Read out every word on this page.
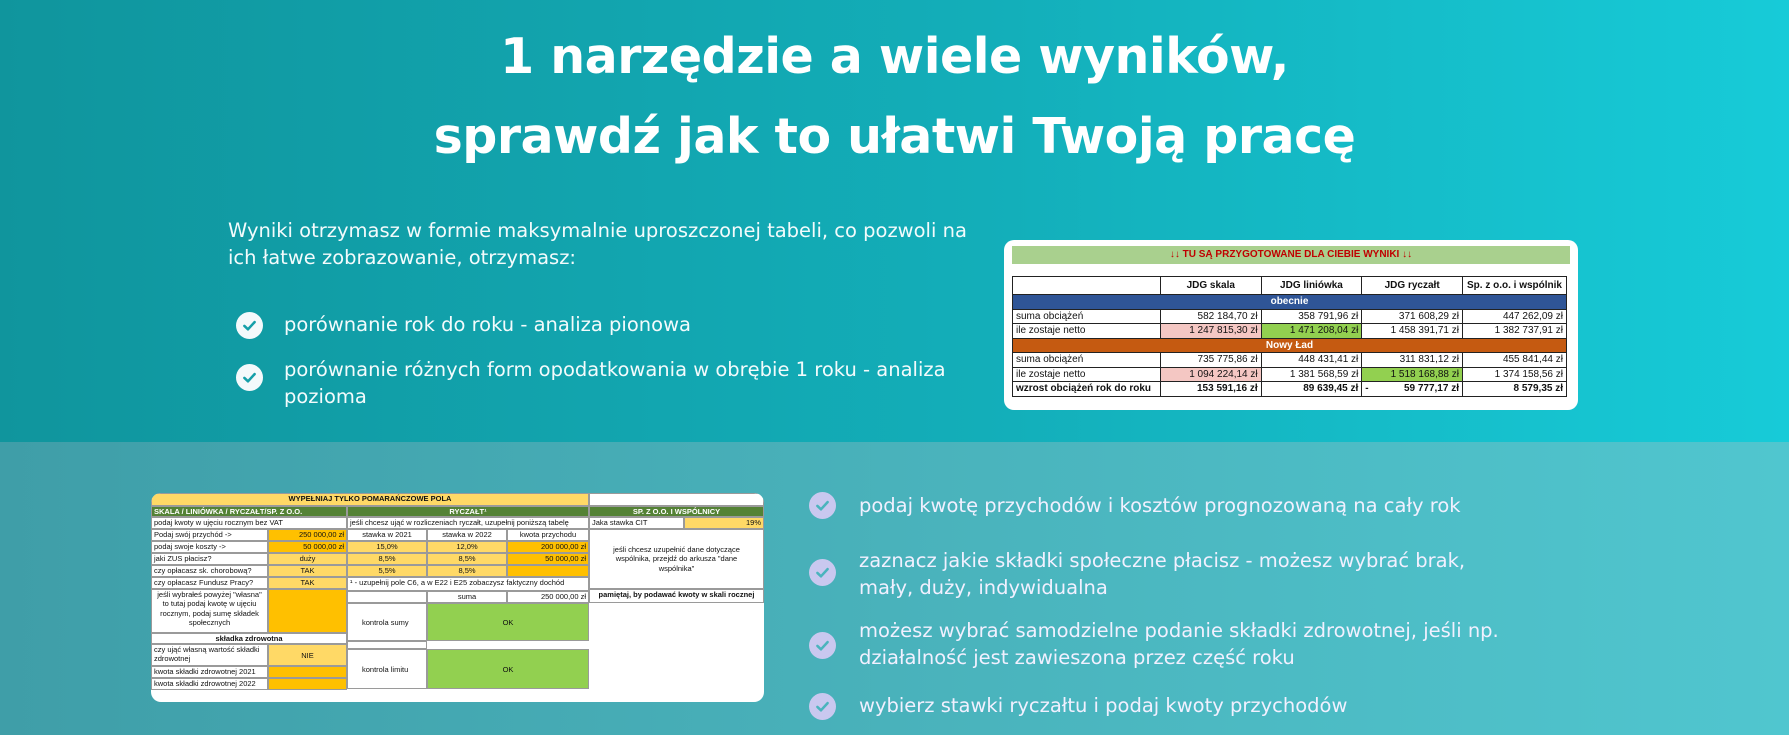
1 narzędzie a wiele wyników,
sprawdź jak to ułatwi Twoją pracę
Wyniki otrzymasz w formie maksymalnie uproszczonej tabeli, co pozwoli na ich łatwe zobrazowanie, otrzymasz:
porównanie rok do roku - analiza pionowa
porównanie różnych form opodatkowania w obrębie 1 roku - analiza pozioma
↓↓ TU SĄ PRZYGOTOWANE DLA CIEBIE WYNIKI ↓↓
	JDG skala	JDG liniówka	JDG ryczałt	Sp. z o.o. i wspólnik
obecnie				
suma obciążeń	582 184,70 zł	358 791,96 zł	371 608,29 zł	447 262,09 zł
ile zostaje netto	1 247 815,30 zł	1 471 208,04 zł	1 458 391,71 zł	1 382 737,91 zł
Nowy Ład				
suma obciążeń	735 775,86 zł	448 431,41 zł	311 831,12 zł	455 841,44 zł
ile zostaje netto	1 094 224,14 zł	1 381 568,59 zł	1 518 168,88 zł	1 374 158,56 zł
wzrost obciążeń rok do roku	153 591,16 zł	89 639,45 zł	- 59 777,17 zł	8 579,35 zł
WYPEŁNIAJ TYLKO POMARAŃCZOWE POLA
SKALA / LINIÓWKA / RYCZAŁT/SP. Z O.O.	RYCZAŁT¹	SP. Z O.O. I WSPÓLNICY
podaj kwoty w ujęciu rocznym bez VAT
Podaj swój przychód ->	250 000,00 zł
podaj swoje koszty ->	50 000,00 zł
jaki ZUS płacisz?	duży
czy opłacasz sk. chorobową?	TAK
czy opłacasz Fundusz Pracy?	TAK
jeśli wybrałeś powyżej "własna" to tutaj podaj kwotę w ujęciu rocznym, podaj sumę składek społecznych
składka zdrowotna
czy ująć własną wartość składki zdrowotnej	NIE
kwota składki zdrowotnej 2021
kwota składki zdrowotnej 2022
jeśli chcesz ująć w rozliczeniach ryczałt, uzupełnij poniższą tabelę
stawka w 2021	stawka w 2022	kwota przychodu
15,0%	12,0%	200 000,00 zł
8,5%	8,5%	50 000,00 zł
5,5%	8,5%
¹ - uzupełnij pole C6, a w E22 i E25 zobaczysz faktyczny dochód
suma	250 000,00 zł
kontrola sumy	OK
kontrola limitu	OK
Jaka stawka CIT	19%
jeśli chcesz uzupełnić dane dotyczące wspólnika, przejdź do arkusza "dane wspólnika"
pamiętaj, by podawać kwoty w skali rocznej
podaj kwotę przychodów i kosztów prognozowaną na cały rok
zaznacz jakie składki społeczne płacisz - możesz wybrać brak, mały, duży, indywidualna
możesz wybrać samodzielne podanie składki zdrowotnej, jeśli np. działalność jest zawieszona przez część roku
wybierz stawki ryczałtu i podaj kwoty przychodów
